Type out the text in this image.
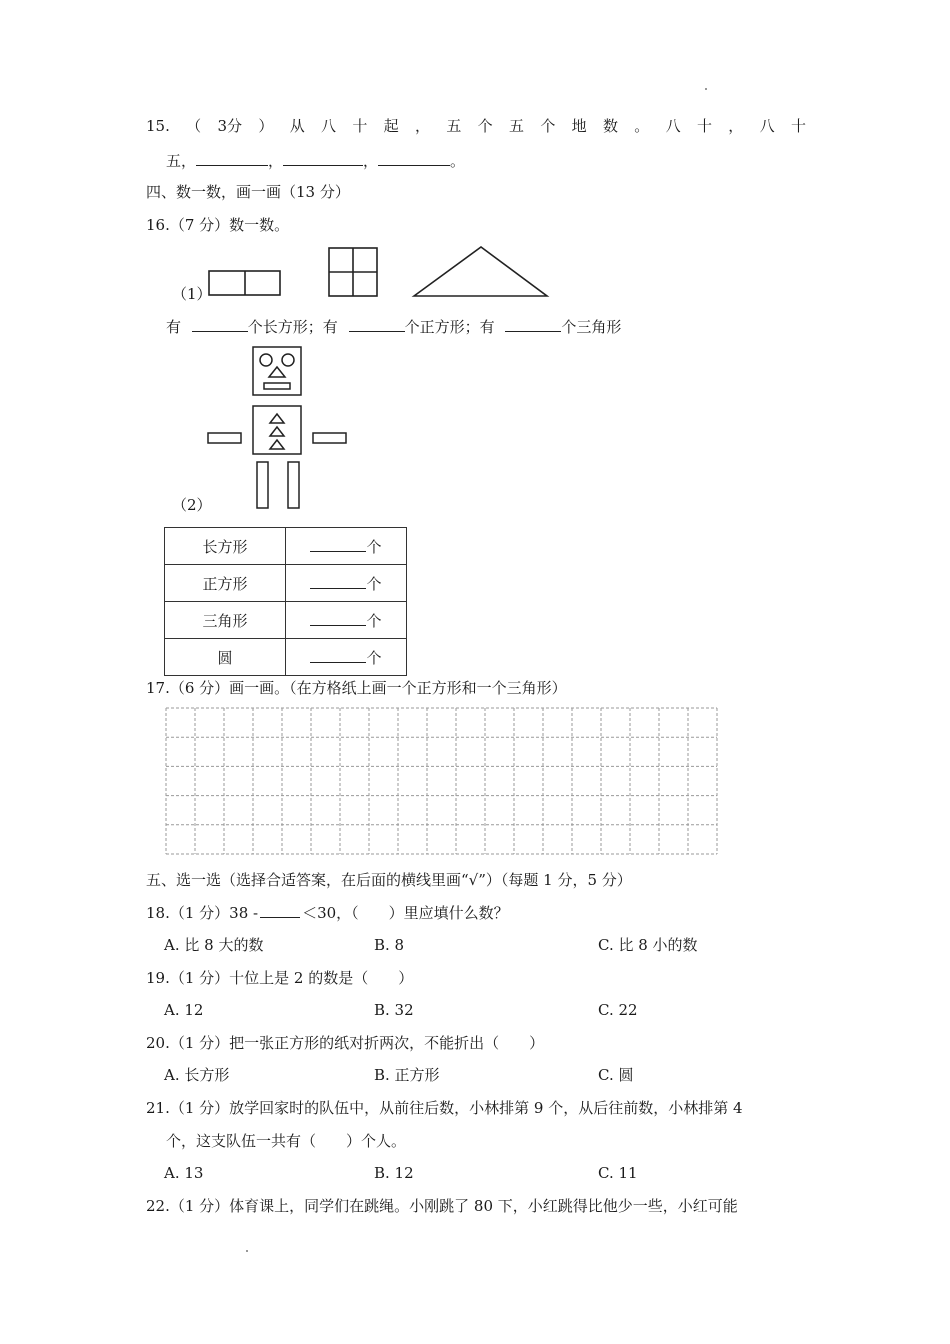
15. （ 3分 ） 从 八 十 起 ， 五 个 五 个 地 数 。 八 十 ， 八 十
五，	，	，	。
四、数一数，画一画（13 分）
16.（7 分）数一数。
（1）
有	个长方形；有	个正方形；有	个三角形
（2）
长方形	个
正方形	个
三角形	个
圆	个
17.（6 分）画一画。（在方格纸上画一个正方形和一个三角形）
五、选一选（选择合适答案，在后面的横线里画“√”）（每题 1 分，5 分）
18.（1 分）38 -	＜30，（　　）里应填什么数？
A. 比 8 大的数	B. 8	C. 比 8 小的数
19.（1 分）十位上是 2 的数是（　　）
A. 12	B. 32	C. 22
20.（1 分）把一张正方形的纸对折两次，不能折出（　　）
A. 长方形	B. 正方形	C. 圆
21.（1 分）放学回家时的队伍中，从前往后数，小林排第 9 个，从后往前数，小林排第 4
个，这支队伍一共有（　　）个人。
A. 13	B. 12	C. 11
22.（1 分）体育课上，同学们在跳绳。小刚跳了 80 下，小红跳得比他少一些，小红可能
